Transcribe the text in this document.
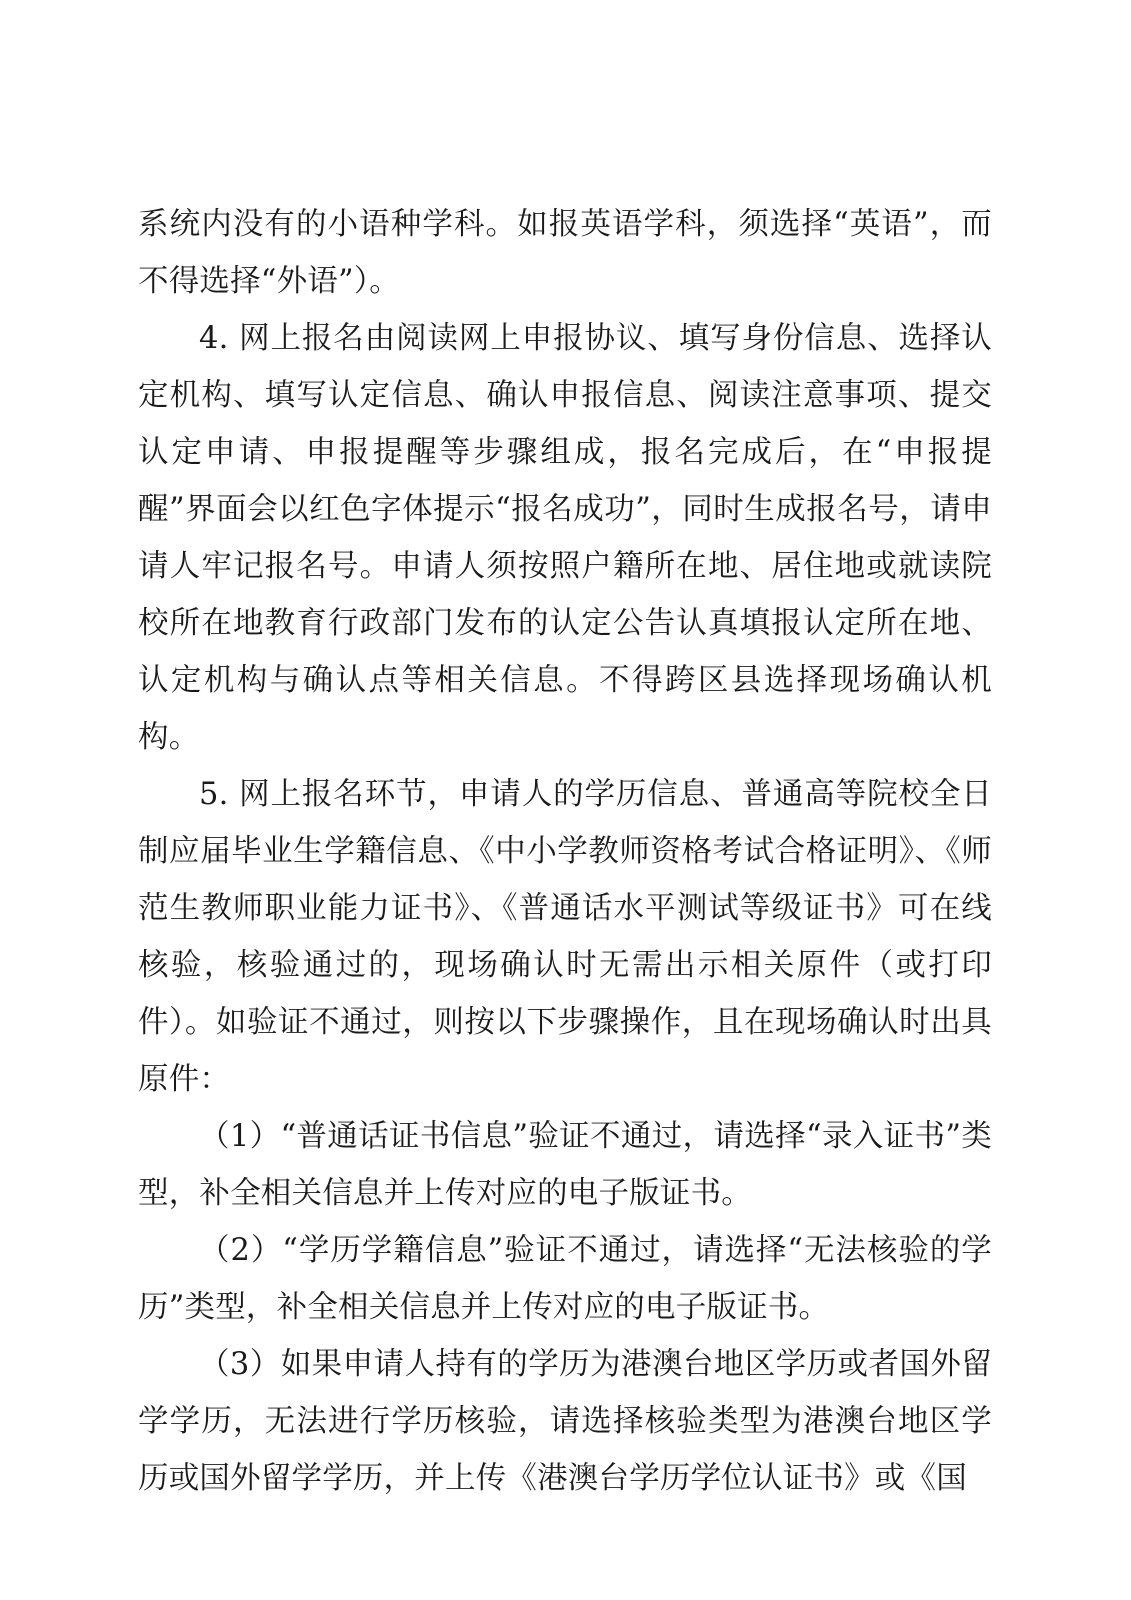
系统内没有的小语种学科。如报英语学科，须选择“英语”，而不得选择“外语”）。

4. 网上报名由阅读网上申报协议、填写身份信息、选择认定机构、填写认定信息、确认申报信息、阅读注意事项、提交认定申请、申报提醒等步骤组成，报名完成后，在“申报提醒”界面会以红色字体提示“报名成功”，同时生成报名号，请申请人牢记报名号。申请人须按照户籍所在地、居住地或就读院校所在地教育行政部门发布的认定公告认真填报认定所在地、认定机构与确认点等相关信息。不得跨区县选择现场确认机构。

5. 网上报名环节，申请人的学历信息、普通高等院校全日制应届毕业生学籍信息、《中小学教师资格考试合格证明》、《师范生教师职业能力证书》、《普通话水平测试等级证书》可在线核验，核验通过的，现场确认时无需出示相关原件（或打印件）。如验证不通过，则按以下步骤操作，且在现场确认时出具原件：

（1）“普通话证书信息”验证不通过，请选择“录入证书”类型，补全相关信息并上传对应的电子版证书。

（2）“学历学籍信息”验证不通过，请选择“无法核验的学历”类型，补全相关信息并上传对应的电子版证书。

（3）如果申请人持有的学历为港澳台地区学历或者国外留学学历，无法进行学历核验，请选择核验类型为港澳台地区学历或国外留学学历，并上传《港澳台学历学位认证书》或《国
